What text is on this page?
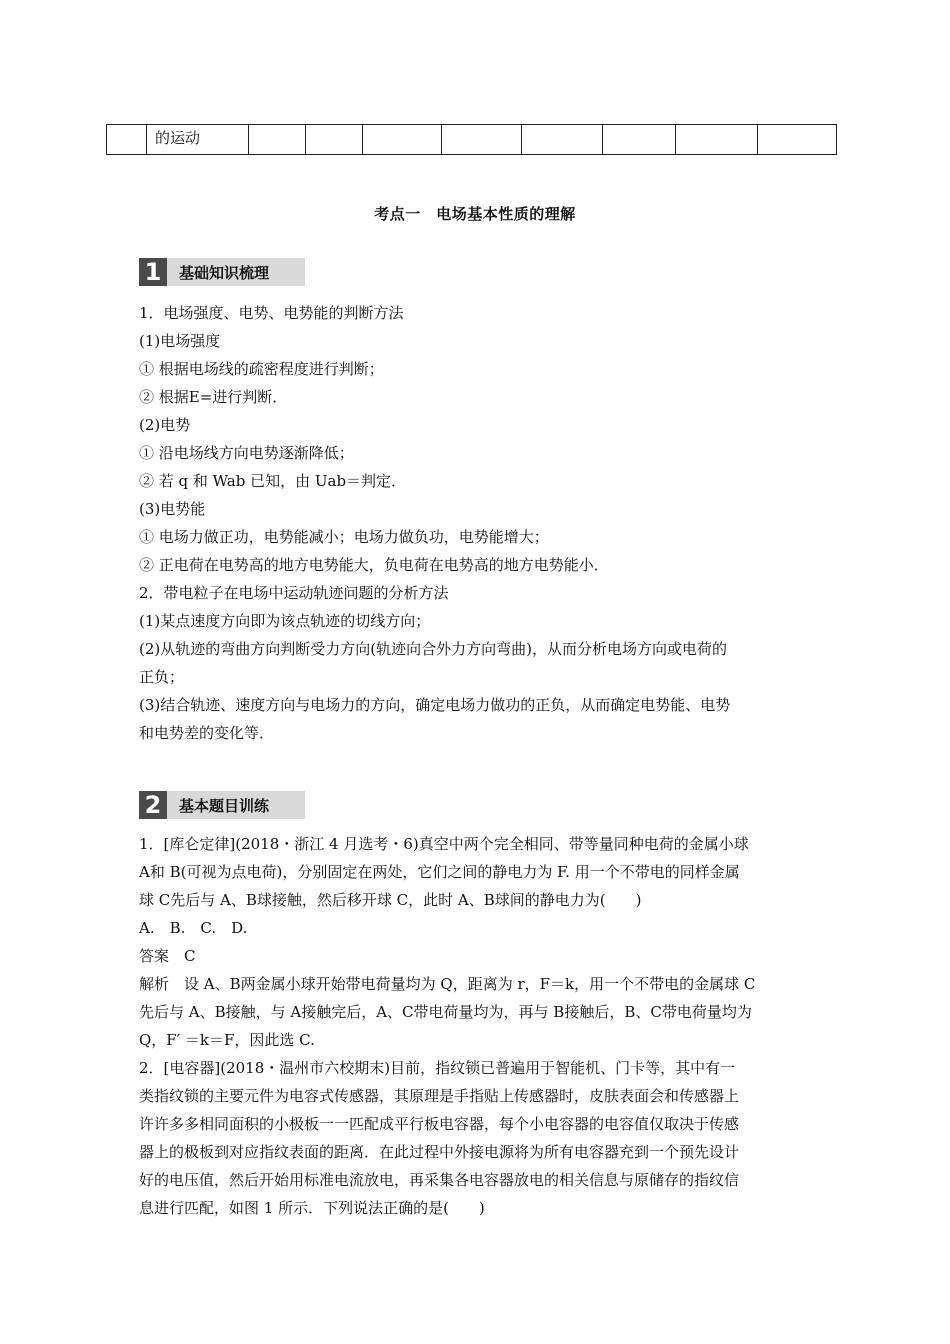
的运动

考点一　电场基本性质的理解
1	基础知识梳理
1．电场强度、电势、电势能的判断方法
(1)电场强度
① 根据电场线的疏密程度进行判断；
② 根据E=进行判断．
(2)电势
① 沿电场线方向电势逐渐降低；
② 若 q 和 Wab 已知，由 Uab＝判定．
(3)电势能
① 电场力做正功，电势能减小；电场力做负功，电势能增大；
② 正电荷在电势高的地方电势能大，负电荷在电势高的地方电势能小．
2．带电粒子在电场中运动轨迹问题的分析方法
(1)某点速度方向即为该点轨迹的切线方向；
(2)从轨迹的弯曲方向判断受力方向(轨迹向合外力方向弯曲)，从而分析电场方向或电荷的
正负；
(3)结合轨迹、速度方向与电场力的方向，确定电场力做功的正负，从而确定电势能、电势
和电势差的变化等．
2	基本题目训练
1．[库仑定律](2018・浙江 4 月选考・6)真空中两个完全相同、带等量同种电荷的金属小球
A和 B(可视为点电荷)，分别固定在两处，它们之间的静电力为 F. 用一个不带电的同样金属
球 C先后与 A、B球接触，然后移开球 C，此时 A、B球间的静电力为(　　)
A.　B.　C.　D.
答案　C
解析　设 A、B两金属小球开始带电荷量均为 Q，距离为 r，F＝k，用一个不带电的金属球 C
先后与 A、B接触，与 A接触完后，A、C带电荷量均为，再与 B接触后，B、C带电荷量均为
Q，F′ ＝k＝F，因此选 C.
2．[电容器](2018・温州市六校期末)目前，指纹锁已普遍用于智能机、门卡等，其中有一
类指纹锁的主要元件为电容式传感器，其原理是手指贴上传感器时，皮肤表面会和传感器上
许许多多相同面积的小极板一一匹配成平行板电容器，每个小电容器的电容值仅取决于传感
器上的极板到对应指纹表面的距离．在此过程中外接电源将为所有电容器充到一个预先设计
好的电压值，然后开始用标准电流放电，再采集各电容器放电的相关信息与原储存的指纹信
息进行匹配，如图 1 所示．下列说法正确的是(　　)
